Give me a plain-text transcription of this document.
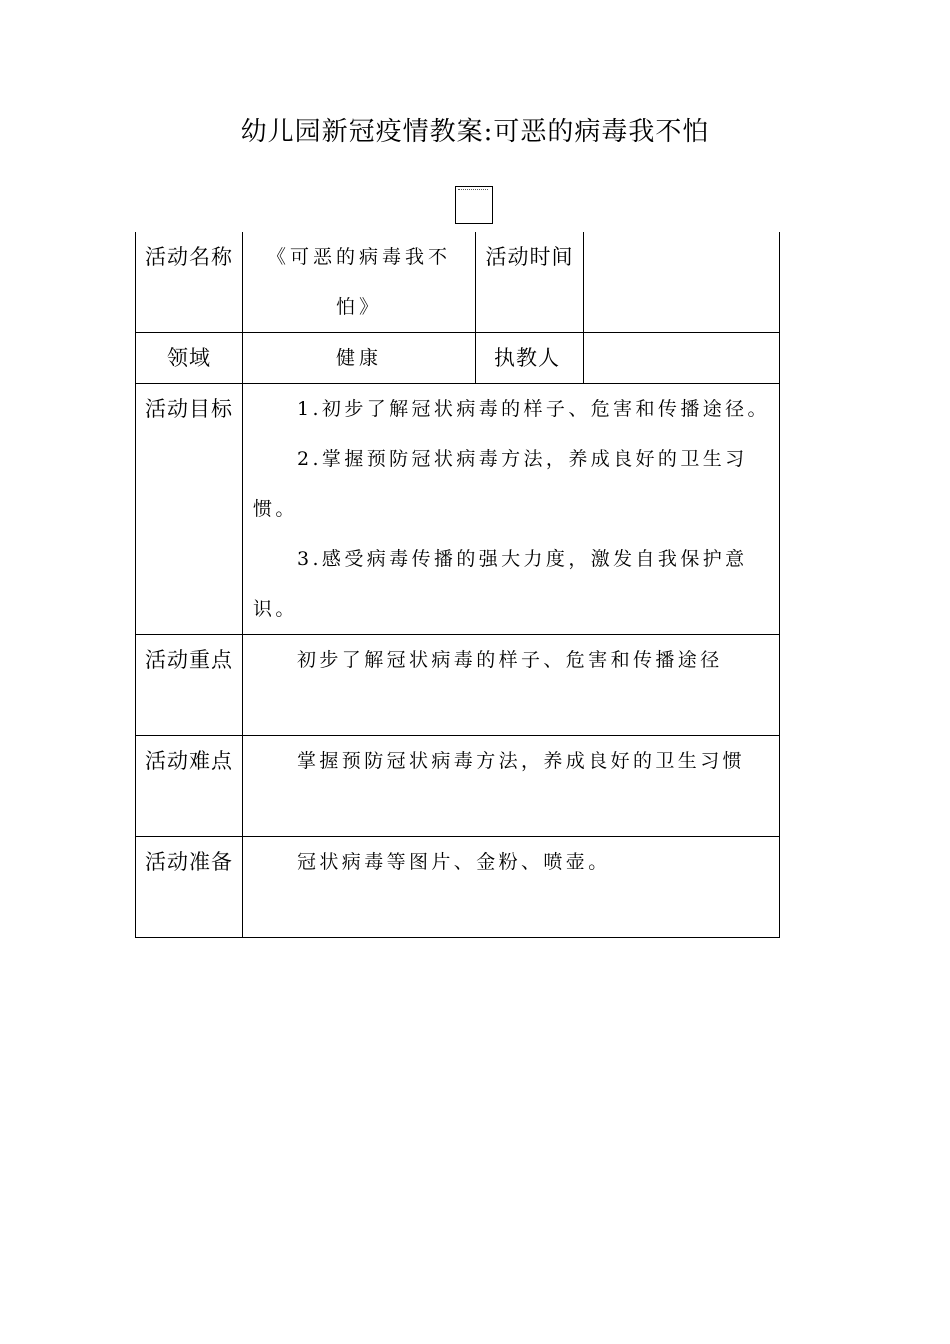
幼儿园新冠疫情教案:可恶的病毒我不怕
活动名称	《可恶的病毒我不怕》	活动时间	

领域	健康	执教人	

活动目标	1.初步了解冠状病毒的样子、危害和传播途径。

2.掌握预防冠状病毒方法，养成良好的卫生习惯。

3.感受病毒传播的强大力度，激发自我保护意识。		

活动重点	初步了解冠状病毒的样子、危害和传播途径		

活动难点	掌握预防冠状病毒方法，养成良好的卫生习惯		

活动准备	冠状病毒等图片、金粉、喷壶。		
